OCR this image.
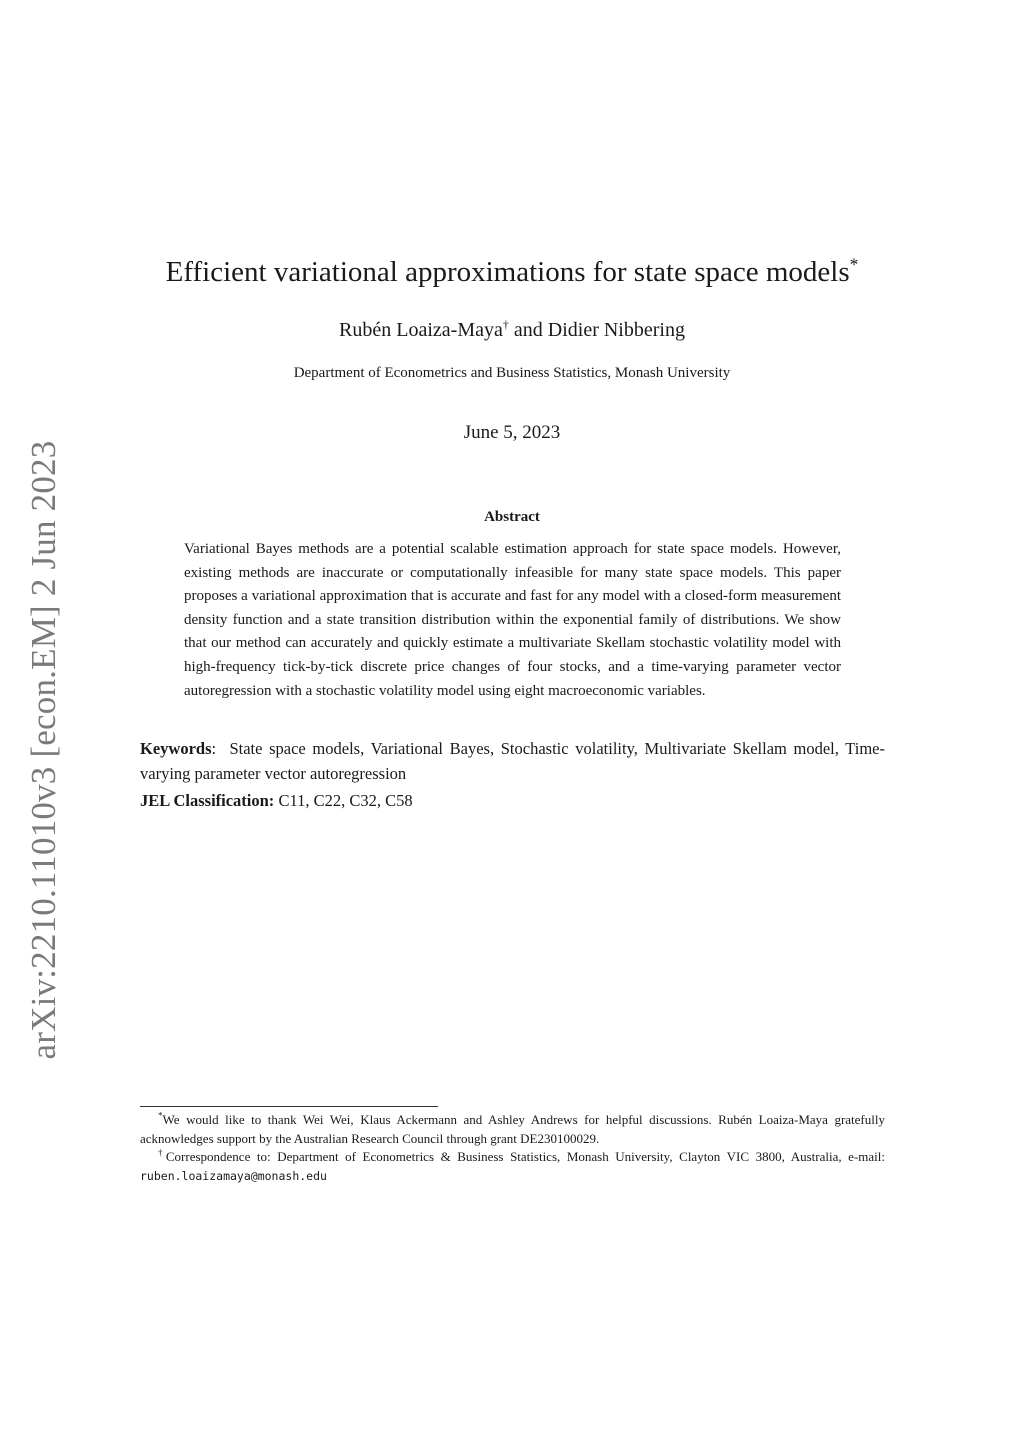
arXiv:2210.11010v3 [econ.EM] 2 Jun 2023
Efficient variational approximations for state space models*
Rubén Loaiza-Maya† and Didier Nibbering
Department of Econometrics and Business Statistics, Monash University
June 5, 2023
Abstract
Variational Bayes methods are a potential scalable estimation approach for state space models. However, existing methods are inaccurate or computationally infeasible for many state space models. This paper proposes a variational approximation that is accurate and fast for any model with a closed-form measurement density function and a state transition distribution within the exponential family of distributions. We show that our method can accurately and quickly estimate a multivariate Skellam stochastic volatility model with high-frequency tick-by-tick discrete price changes of four stocks, and a time-varying parameter vector autoregression with a stochastic volatility model using eight macroeconomic variables.
Keywords:  State space models, Variational Bayes, Stochastic volatility, Multivariate Skellam model, Time-varying parameter vector autoregression
JEL Classification: C11, C22, C32, C58

*We would like to thank Wei Wei, Klaus Ackermann and Ashley Andrews for helpful discussions. Rubén Loaiza-Maya gratefully acknowledges support by the Australian Research Council through grant DE230100029.

†Correspondence to: Department of Econometrics & Business Statistics, Monash University, Clayton VIC 3800, Australia, e-mail: ruben.loaizamaya@monash.edu
